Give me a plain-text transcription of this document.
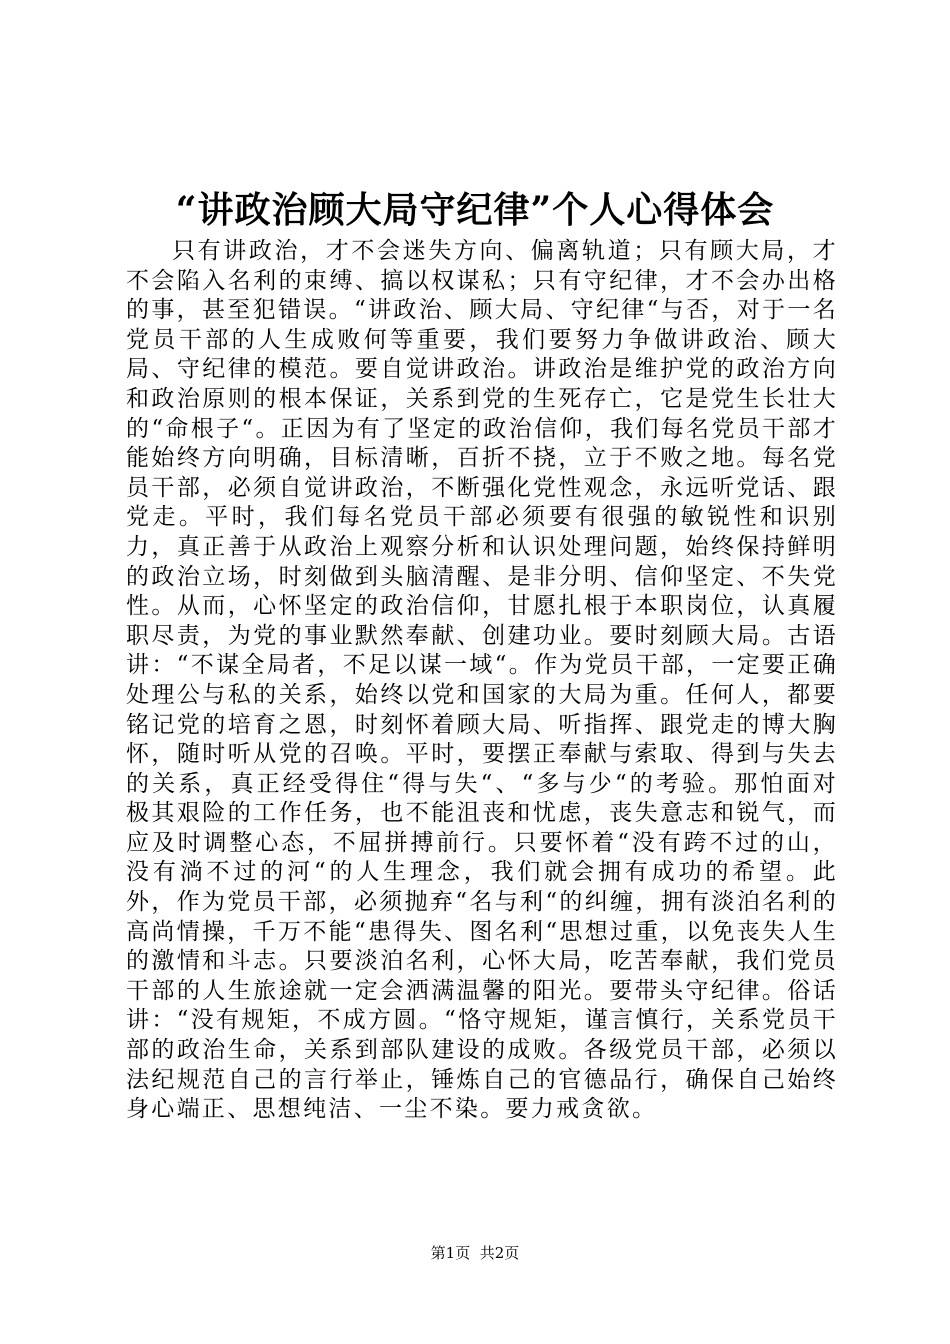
“讲政治顾大局守纪律”个人心得体会

只有讲政治，才不会迷失方向、偏离轨道；只有顾大局，才不会陷入名利的束缚、搞以权谋私；只有守纪律，才不会办出格的事，甚至犯错误。“讲政治、顾大局、守纪律“与否，对于一名党员干部的人生成败何等重要，我们要努力争做讲政治、顾大局、守纪律的模范。要自觉讲政治。讲政治是维护党的政治方向和政治原则的根本保证，关系到党的生死存亡，它是党生长壮大的“命根子“。正因为有了坚定的政治信仰，我们每名党员干部才能始终方向明确，目标清晰，百折不挠，立于不败之地。每名党员干部，必须自觉讲政治，不断强化党性观念，永远听党话、跟党走。平时，我们每名党员干部必须要有很强的敏锐性和识别力，真正善于从政治上观察分析和认识处理问题，始终保持鲜明的政治立场，时刻做到头脑清醒、是非分明、信仰坚定、不失党性。从而，心怀坚定的政治信仰，甘愿扎根于本职岗位，认真履职尽责，为党的事业默然奉献、创建功业。要时刻顾大局。古语讲：“不谋全局者，不足以谋一域“。作为党员干部，一定要正确处理公与私的关系，始终以党和国家的大局为重。任何人，都要铭记党的培育之恩，时刻怀着顾大局、听指挥、跟党走的博大胸怀，随时听从党的召唤。平时，要摆正奉献与索取、得到与失去的关系，真正经受得住“得与失“、“多与少“的考验。那怕面对极其艰险的工作任务，也不能沮丧和忧虑，丧失意志和锐气，而应及时调整心态，不屈拼搏前行。只要怀着“没有跨不过的山，没有淌不过的河“的人生理念，我们就会拥有成功的希望。此外，作为党员干部，必须抛弃“名与利“的纠缠，拥有淡泊名利的高尚情操，千万不能“患得失、图名利“思想过重，以免丧失人生的激情和斗志。只要淡泊名利，心怀大局，吃苦奉献，我们党员干部的人生旅途就一定会洒满温馨的阳光。要带头守纪律。俗话讲：“没有规矩，不成方圆。“恪守规矩，谨言慎行，关系党员干部的政治生命，关系到部队建设的成败。各级党员干部，必须以法纪规范自己的言行举止，锤炼自己的官德品行，确保自己始终身心端正、思想纯洁、一尘不染。要力戒贪欲。

第1页 共2页
